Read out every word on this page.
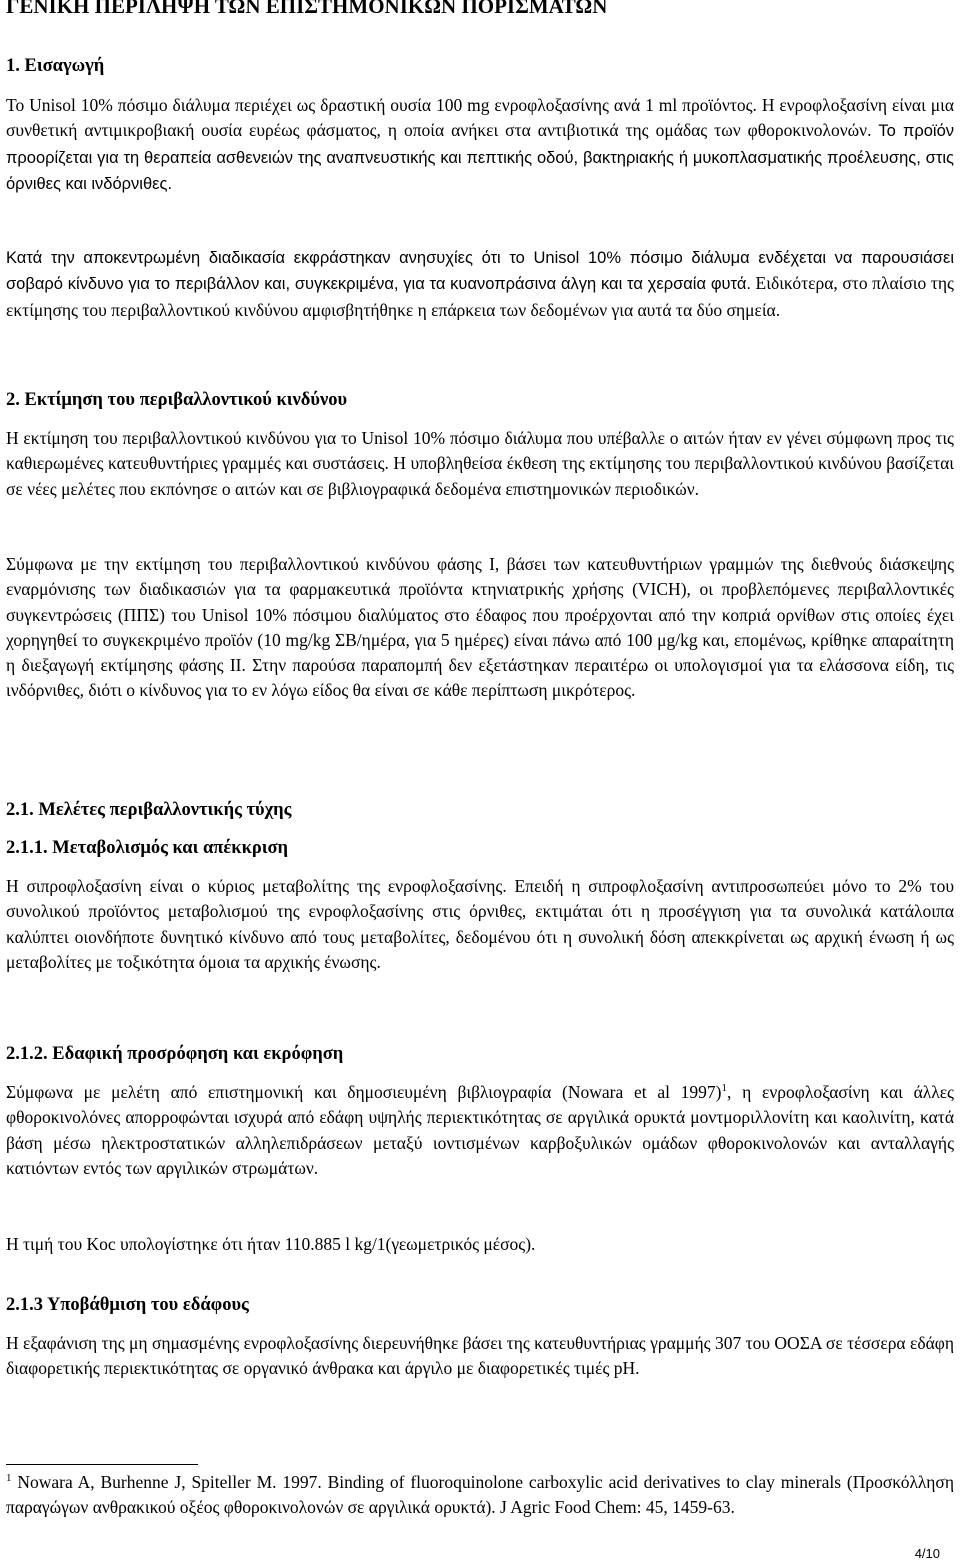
ΓΕΝΙΚΗ ΠΕΡΙΛΗΨΗ ΤΩΝ ΕΠΙΣΤΗΜΟΝΙΚΩΝ ΠΟΡΙΣΜΑΤΩΝ
1. Εισαγωγή

Το Unisol 10% πόσιμο διάλυμα περιέχει ως δραστική ουσία 100 mg ενροφλοξασίνης ανά 1 ml προϊόντος. Η ενροφλοξασίνη είναι μια συνθετική αντιμικροβιακή ουσία ευρέως φάσματος, η οποία ανήκει στα αντιβιοτικά της ομάδας των φθοροκινολονών. Το προϊόν προορίζεται για τη θεραπεία ασθενειών της αναπνευστικής και πεπτικής οδού, βακτηριακής ή μυκοπλασματικής προέλευσης, στις όρνιθες και ινδόρνιθες.

Κατά την αποκεντρωμένη διαδικασία εκφράστηκαν ανησυχίες ότι το Unisol 10% πόσιμο διάλυμα ενδέχεται να παρουσιάσει σοβαρό κίνδυνο για το περιβάλλον και, συγκεκριμένα, για τα κυανοπράσινα άλγη και τα χερσαία φυτά. Ειδικότερα, στο πλαίσιο της εκτίμησης του περιβαλλοντικού κινδύνου αμφισβητήθηκε η επάρκεια των δεδομένων για αυτά τα δύο σημεία.

2. Εκτίμηση του περιβαλλοντικού κινδύνου

Η εκτίμηση του περιβαλλοντικού κινδύνου για το Unisol 10% πόσιμο διάλυμα που υπέβαλλε ο αιτών ήταν εν γένει σύμφωνη προς τις καθιερωμένες κατευθυντήριες γραμμές και συστάσεις. Η υποβληθείσα έκθεση της εκτίμησης του περιβαλλοντικού κινδύνου βασίζεται σε νέες μελέτες που εκπόνησε ο αιτών και σε βιβλιογραφικά δεδομένα επιστημονικών περιοδικών.

Σύμφωνα με την εκτίμηση του περιβαλλοντικού κινδύνου φάσης Ι, βάσει των κατευθυντήριων γραμμών της διεθνούς διάσκεψης εναρμόνισης των διαδικασιών για τα φαρμακευτικά προϊόντα κτηνιατρικής χρήσης (VICH), οι προβλεπόμενες περιβαλλοντικές συγκεντρώσεις (ΠΠΣ) του Unisol 10% πόσιμου διαλύματος στο έδαφος που προέρχονται από την κοπριά ορνίθων στις οποίες έχει χορηγηθεί το συγκεκριμένο προϊόν (10 mg/kg ΣΒ/ημέρα, για 5 ημέρες) είναι πάνω από 100 μg/kg και, επομένως, κρίθηκε απαραίτητη η διεξαγωγή εκτίμησης φάσης ΙΙ. Στην παρούσα παραπομπή δεν εξετάστηκαν περαιτέρω οι υπολογισμοί για τα ελάσσονα είδη, τις ινδόρνιθες, διότι ο κίνδυνος για το εν λόγω είδος θα είναι σε κάθε περίπτωση μικρότερος.

2.1. Μελέτες περιβαλλοντικής τύχης
2.1.1. Μεταβολισμός και απέκκριση

Η σιπροφλοξασίνη είναι ο κύριος μεταβολίτης της ενροφλοξασίνης. Επειδή η σιπροφλοξασίνη αντιπροσωπεύει μόνο το 2% του συνολικού προϊόντος μεταβολισμού της ενροφλοξασίνης στις όρνιθες, εκτιμάται ότι η προσέγγιση για τα συνολικά κατάλοιπα καλύπτει οιονδήποτε δυνητικό κίνδυνο από τους μεταβολίτες, δεδομένου ότι η συνολική δόση απεκκρίνεται ως αρχική ένωση ή ως μεταβολίτες με τοξικότητα όμοια τα αρχικής ένωσης.

2.1.2. Εδαφική προσρόφηση και εκρόφηση

Σύμφωνα με μελέτη από επιστημονική και δημοσιευμένη βιβλιογραφία (Nowara et al 1997)$^1$, η ενροφλοξασίνη και άλλες φθοροκινολόνες απορροφώνται ισχυρά από εδάφη υψηλής περιεκτικότητας σε αργιλικά ορυκτά μοντμοριλλονίτη και καολινίτη, κατά βάση μέσω ηλεκτροστατικών αλληλεπιδράσεων μεταξύ ιοντισμένων καρβοξυλικών ομάδων φθοροκινολονών και ανταλλαγής κατιόντων εντός των αργιλικών στρωμάτων.

Η τιμή του Koc υπολογίστηκε ότι ήταν 110.885 l kg/1(γεωμετρικός μέσος).

2.1.3 Υποβάθμιση του εδάφους

Η εξαφάνιση της μη σημασμένης ενροφλοξασίνης διερευνήθηκε βάσει της κατευθυντήριας γραμμής 307 του ΟΟΣΑ σε τέσσερα εδάφη διαφορετικής περιεκτικότητας σε οργανικό άνθρακα και άργιλο με διαφορετικές τιμές pH.

$^1$ Nowara A, Burhenne J, Spiteller M. 1997. Binding of fluoroquinolone carboxylic acid derivatives to clay minerals (Προσκόλληση παραγώγων ανθρακικού οξέος φθοροκινολονών σε αργιλικά ορυκτά). J Agric Food Chem: 45, 1459-63.

4/10
